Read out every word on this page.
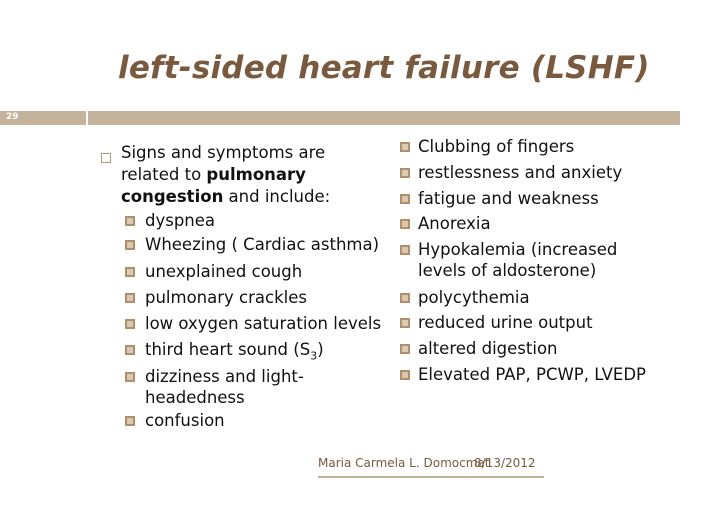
left-sided heart failure (LSHF)
29
Signs and symptoms are
related to pulmonary
congestion and include:
dyspnea
Wheezing ( Cardiac asthma)
unexplained cough
pulmonary crackles
low oxygen saturation levels
third heart sound $(S_3)$
dizziness and light-
headedness
confusion
Clubbing of fingers
restlessness and anxiety
fatigue and weakness
Anorexia
Hypokalemia (increased
levels of aldosterone)
polycythemia
reduced urine output
altered digestion
Elevated PAP, PCWP, LVEDP
Maria Carmela L. Domocmat
8/13/2012
